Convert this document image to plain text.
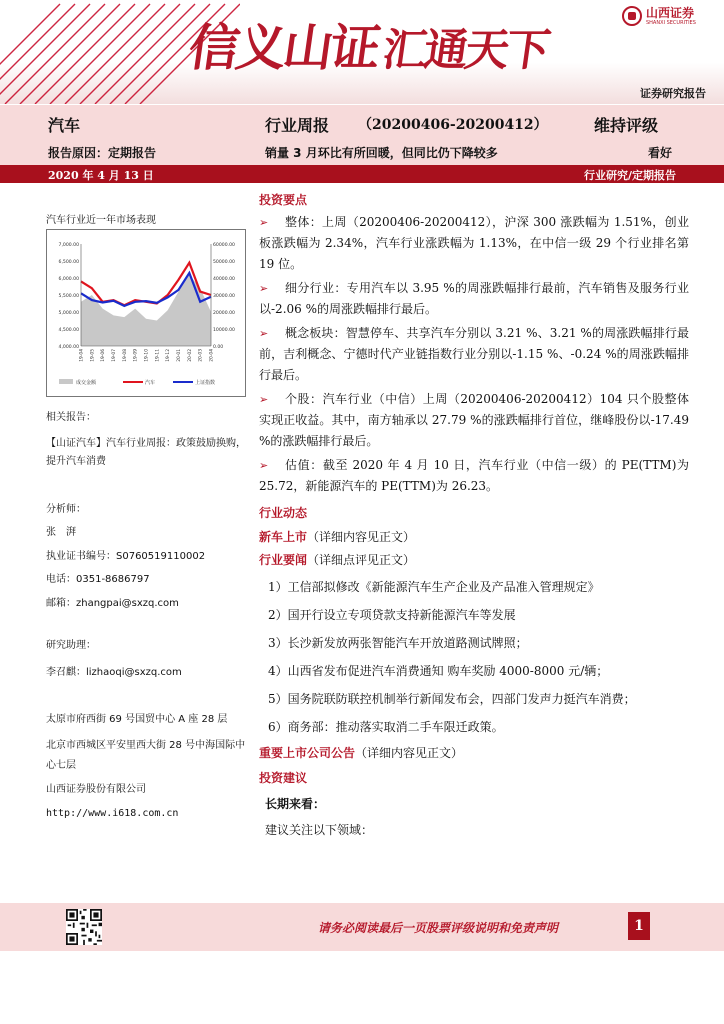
信义山证汇通天下
山西证券
SHANXI SECURITIES
证券研究报告
汽车	行业周报 （20200406-20200412）	维持评级
报告原因：定期报告	销量 3 月环比有所回暖，但同比仍下降较多	看好
2020 年 4 月 13 日	行业研究/定期报告
汽车行业近一年市场表现
4,000.00
4,500.00
5,000.00
5,500.00
6,000.00
6,500.00
7,000.00
0.00
10000.00
20000.00
30000.00
40000.00
50000.00
60000.00
19-04 19-05 19-06 19-07 19-08 19-09 19-10 19-11 19-12 20-01 20-02 20-03 20-04
成交金额	汽车	上证指数
相关报告：
【山证汽车】汽车行业周报：政策鼓励换购，提升汽车消费
分析师：
张　湃
执业证书编号：S0760519110002
电话：0351-8686797
邮箱：zhangpai@sxzq.com
研究助理：
李召麒：lizhaoqi@sxzq.com
太原市府西街 69 号国贸中心 A 座 28 层
北京市西城区平安里西大街 28 号中海国际中心七层
山西证券股份有限公司
http://www.i618.com.cn
投资要点

➢ 整体：上周（20200406-20200412），沪深 300 涨跌幅为 1.51%，创业板涨跌幅为 2.34%，汽车行业涨跌幅为 1.13%，在中信一级 29 个行业排名第 19 位。

➢ 细分行业：专用汽车以 3.95 %的周涨跌幅排行最前，汽车销售及服务行业以-2.06 %的周涨跌幅排行最后。

➢ 概念板块：智慧停车、共享汽车分别以 3.21 %、3.21 %的周涨跌幅排行最前，吉利概念、宁德时代产业链指数行业分别以-1.15 %、-0.24 %的周涨跌幅排行最后。

➢ 个股：汽车行业（中信）上周（20200406-20200412）104 只个股整体实现正收益。其中，南方轴承以 27.79 %的涨跌幅排行首位，继峰股份以-17.49 %的涨跌幅排行最后。

➢ 估值：截至 2020 年 4 月 10 日，汽车行业（中信一级）的 PE(TTM)为 25.72，新能源汽车的 PE(TTM)为 26.23。

行业动态
新车上市（详细内容见正文）
行业要闻（详细点评见正文）
1）工信部拟修改《新能源汽车生产企业及产品准入管理规定》
2）国开行设立专项贷款支持新能源汽车等发展
3）长沙新发放两张智能汽车开放道路测试牌照；
4）山西省发布促进汽车消费通知 购车奖励 4000-8000 元/辆；
5）国务院联防联控机制举行新闻发布会，四部门发声力挺汽车消费；
6）商务部：推动落实取消二手车限迁政策。
重要上市公司公告（详细内容见正文）
投资建议
长期来看：
建议关注以下领域：
请务必阅读最后一页股票评级说明和免责声明	1
